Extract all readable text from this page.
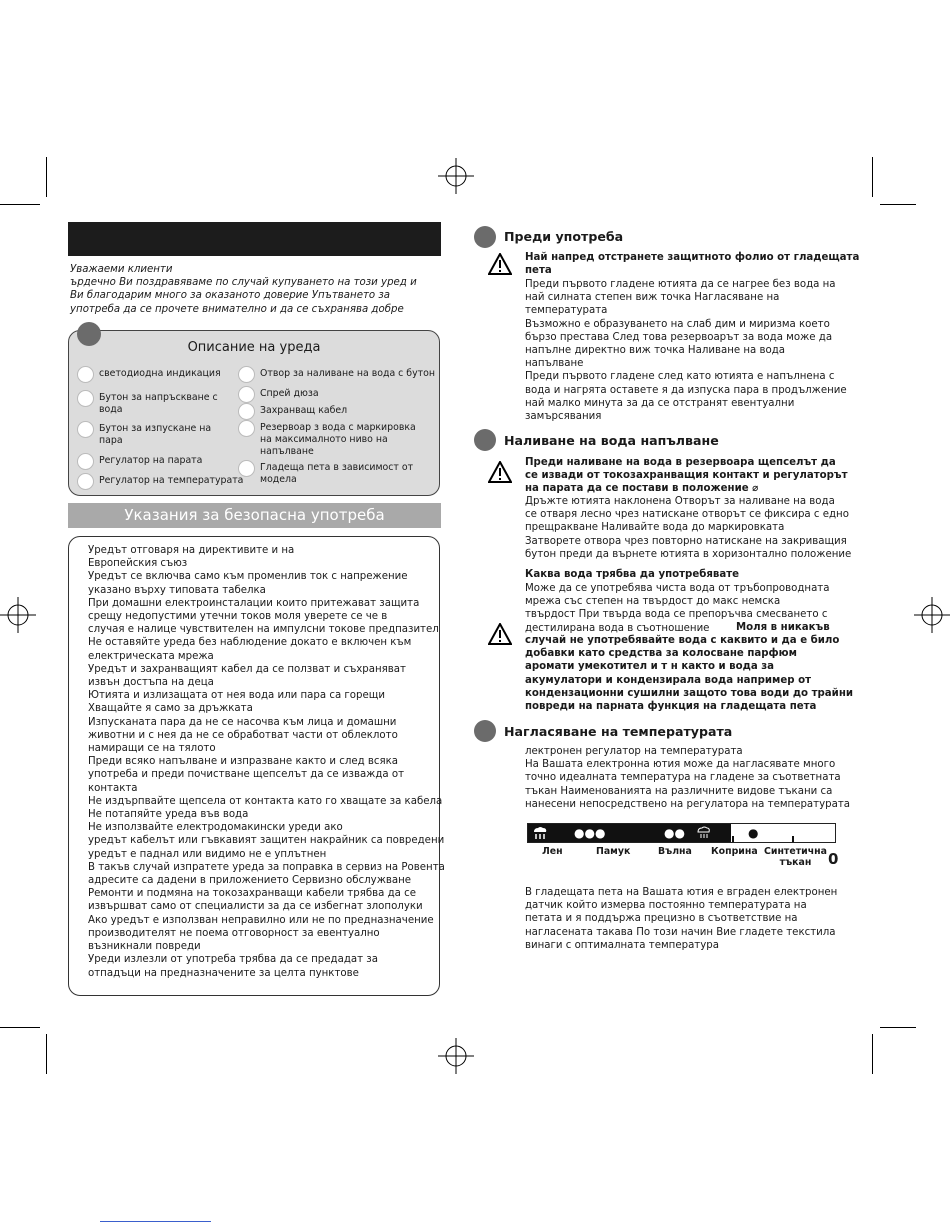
Уважаеми клиенти
ърдечно Ви поздравяваме по случай купуването на този уред и
Ви благодарим много за оказаното доверие Упътването за
употреба да се прочете внимателно и да се съхранява добре
Описание на уреда
светодиодна индикация
Бутон за напръскване с
вода
Бутон за изпускане на
пара
Регулатор на парата
Регулатор на температурата
Отвор за наливане на вода с бутон
Спрей дюза
Захранващ кабел
Резервоар з вода с маркировка
на максималното ниво на
напълване
Гладеща пета в зависимост от
модела
Указания за безопасна употреба
Уредът отговаря на директивите и на
Европейския съюз
Уредът се включва само към променлив ток с напрежение
указано върху типовата табелка
При домашни електроинсталации които притежават защита
срещу недопустими утечни токов моля уверете се че в
случая е налице чувствителен на импулсни токове предпазител
Не оставяйте уреда без наблюдение докато е включен към
електрическата мрежа
Уредът и захранващият кабел да се ползват и съхраняват
извън достъпа на деца
Ютията и излизащата от нея вода или пара са горещи
Хващайте я само за дръжката
Изпусканата пара да не се насочва към лица и домашни
животни и с нея да не се обработват части от облеклото
намиращи се на тялото
Преди всяко напълване и изпразване както и след всяка
употреба и преди почистване щепселът да се изважда от
контакта
Не издърпвайте щепсела от контакта като го хващате за кабела
Не потапяйте уреда във вода
Не използвайте електродомакински уреди ако
уредът кабелът или гъвкавият защитен накрайник са повредени
уредът е паднал или видимо не е уплътнен
В такъв случай изпратете уреда за поправка в сервиз на Ровента
адресите са дадени в приложението Сервизно обслужване
Ремонти и подмяна на токозахранващи кабели трябва да се
извършват само от специалисти за да се избегнат злополуки
Ако уредът е използван неправилно или не по предназначение
производителят не поема отговорност за евентуално
възникнали повреди
Уреди излезли от употреба трябва да се предадат за
отпадъци на предназначените за целта пунктове
Преди употреба
Най напред отстранете защитното фолио от гладещата
пета
Преди първото гладене ютията да се нагрее без вода на
най силната степен виж точка Нагласяване на
температурата
Възможно е образуването на слаб дим и миризма което
бързо престава След това резервоарът за вода може да
напълне директно виж точка Наливане на вода
напълване
Преди първото гладене след като ютията е напълнена с
вода и нагрята оставете я да изпуска пара в продължение
най малко минута за да се отстранят евентуални
замърсявания
Наливане на вода напълване
Преди наливане на вода в резервоара щепселът да
се извади от токозахранващия контакт и регулаторът
на парата да се постави в положение ⌀
Дръжте ютията наклонена Отворът за наливане на вода
се отваря лесно чрез натискане отворът се фиксира с едно
прещракване Наливайте вода до маркировката
Затворете отвора чрез повторно натискане на закриващия
бутон преди да върнете ютията в хоризонтално положение
Каква вода трябва да употребявате
Може да се употребява чиста вода от тръбопроводната
мрежа със степен на твърдост до макс немска
твърдост При твърда вода се препоръчва смесването с
дестилирана вода в съотношение	Моля в никакъв
случай не употребявайте вода с каквито и да е било
добавки като средства за колосване парфюм
аромати умекотител и т н както и вода за
акумулатори и кондензирала вода например от
кондензационни сушилни защото това води до трайни
повреди на парната функция на гладещата пета
Нагласяване на температурата
лектронен регулатор на температурата
На Вашата електронна ютия може да нагласявате много
точно идеалната температура на гладене за съответната
тъкан Наименованията на различните видове тъкани са
нанесени непосредствено на регулатора на температурата
●●●	●●	●
Лен	Памук	Вълна Коприна Синтетична
тъкан	0
В гладещата пета на Вашата ютия е вграден електронен
датчик който измерва постоянно температурата на
петата и я поддържа прецизно в съответствие на
нагласената такава По този начин Вие гладете текстила
винаги с оптималната температура
